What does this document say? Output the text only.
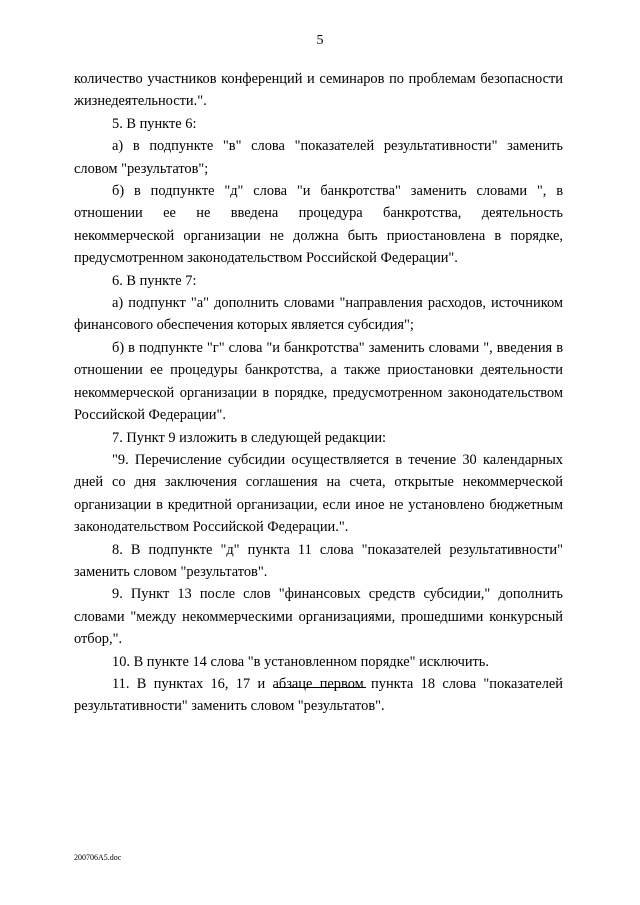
5

количество участников конференций и семинаров по проблемам безопасности жизнедеятельности.".

5. В пункте 6:

а) в подпункте "в" слова "показателей результативности" заменить словом "результатов";

б) в подпункте "д" слова "и банкротства" заменить словами ", в отношении ее не введена процедура банкротства, деятельность некоммерческой организации не должна быть приостановлена в порядке, предусмотренном законодательством Российской Федерации".

6. В пункте 7:

а) подпункт "а" дополнить словами "направления расходов, источником финансового обеспечения которых является субсидия";

б) в подпункте "г" слова "и банкротства" заменить словами ", введения в отношении ее процедуры банкротства, а также приостановки деятельности некоммерческой организации в порядке, предусмотренном законодательством Российской Федерации".

7. Пункт 9 изложить в следующей редакции:

"9. Перечисление субсидии осуществляется в течение 30 календарных дней со дня заключения соглашения на счета, открытые некоммерческой организации в кредитной организации, если иное не установлено бюджетным законодательством Российской Федерации.".

8. В подпункте "д" пункта 11 слова "показателей результативности" заменить словом "результатов".

9. Пункт 13 после слов "финансовых средств субсидии," дополнить словами "между некоммерческими организациями, прошедшими конкурсный отбор,".

10. В пункте 14 слова "в установленном порядке" исключить.

11. В пунктах 16, 17 и абзаце первом пункта 18 слова "показателей результативности" заменить словом "результатов".

200706A5.doc
